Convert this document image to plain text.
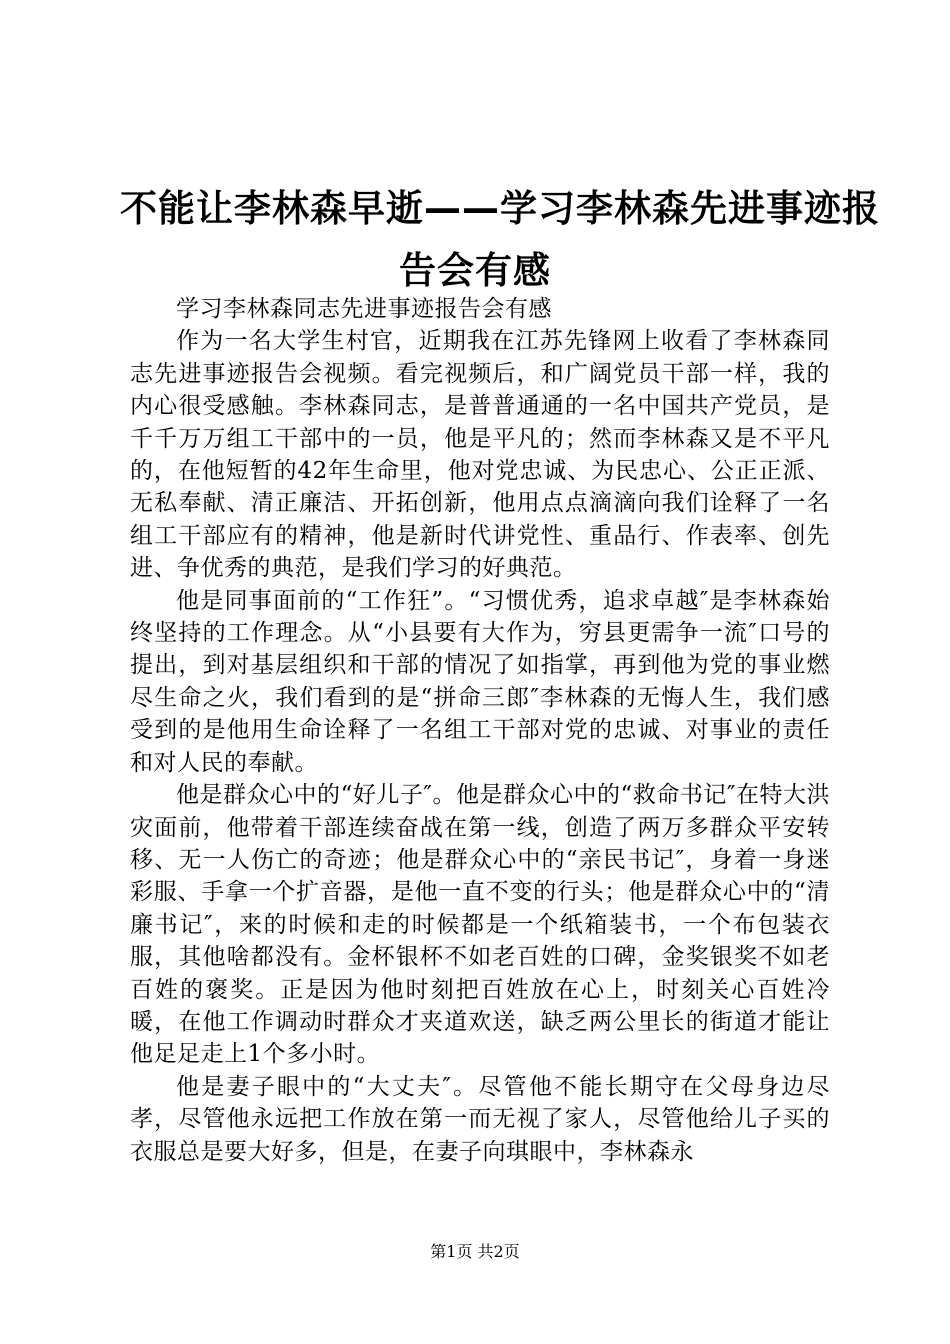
不能让李林森早逝——学习李林森先进事迹报
告会有感

学习李林森同志先进事迹报告会有感

作为一名大学生村官，近期我在江苏先锋网上收看了李林森同志先进事迹报告会视频。看完视频后，和广阔党员干部一样，我的内心很受感触。李林森同志，是普普通通的一名中国共产党员，是千千万万组工干部中的一员，他是平凡的；然而李林森又是不平凡的，在他短暂的42年生命里，他对党忠诚、为民忠心、公正正派、无私奉献、清正廉洁、开拓创新，他用点点滴滴向我们诠释了一名组工干部应有的精神，他是新时代讲党性、重品行、作表率、创先进、争优秀的典范，是我们学习的好典范。

他是同事面前的“工作狂”。“习惯优秀，追求卓越″是李林森始终坚持的工作理念。从“小县要有大作为，穷县更需争一流″口号的提出，到对基层组织和干部的情况了如指掌，再到他为党的事业燃尽生命之火，我们看到的是“拼命三郎″李林森的无悔人生，我们感受到的是他用生命诠释了一名组工干部对党的忠诚、对事业的责任和对人民的奉献。

他是群众心中的“好儿子″。他是群众心中的“救命书记″在特大洪灾面前，他带着干部连续奋战在第一线，创造了两万多群众平安转移、无一人伤亡的奇迹；他是群众心中的“亲民书记″，身着一身迷彩服、手拿一个扩音器，是他一直不变的行头；他是群众心中的“清廉书记″，来的时候和走的时候都是一个纸箱装书，一个布包装衣服，其他啥都没有。金杯银杯不如老百姓的口碑，金奖银奖不如老百姓的褒奖。正是因为他时刻把百姓放在心上，时刻关心百姓冷暖，在他工作调动时群众才夹道欢送，缺乏两公里长的街道才能让他足足走上1个多小时。

他是妻子眼中的“大丈夫″。尽管他不能长期守在父母身边尽孝，尽管他永远把工作放在第一而无视了家人，尽管他给儿子买的衣服总是要大好多，但是，在妻子向琪眼中，李林森永

第1页 共2页
